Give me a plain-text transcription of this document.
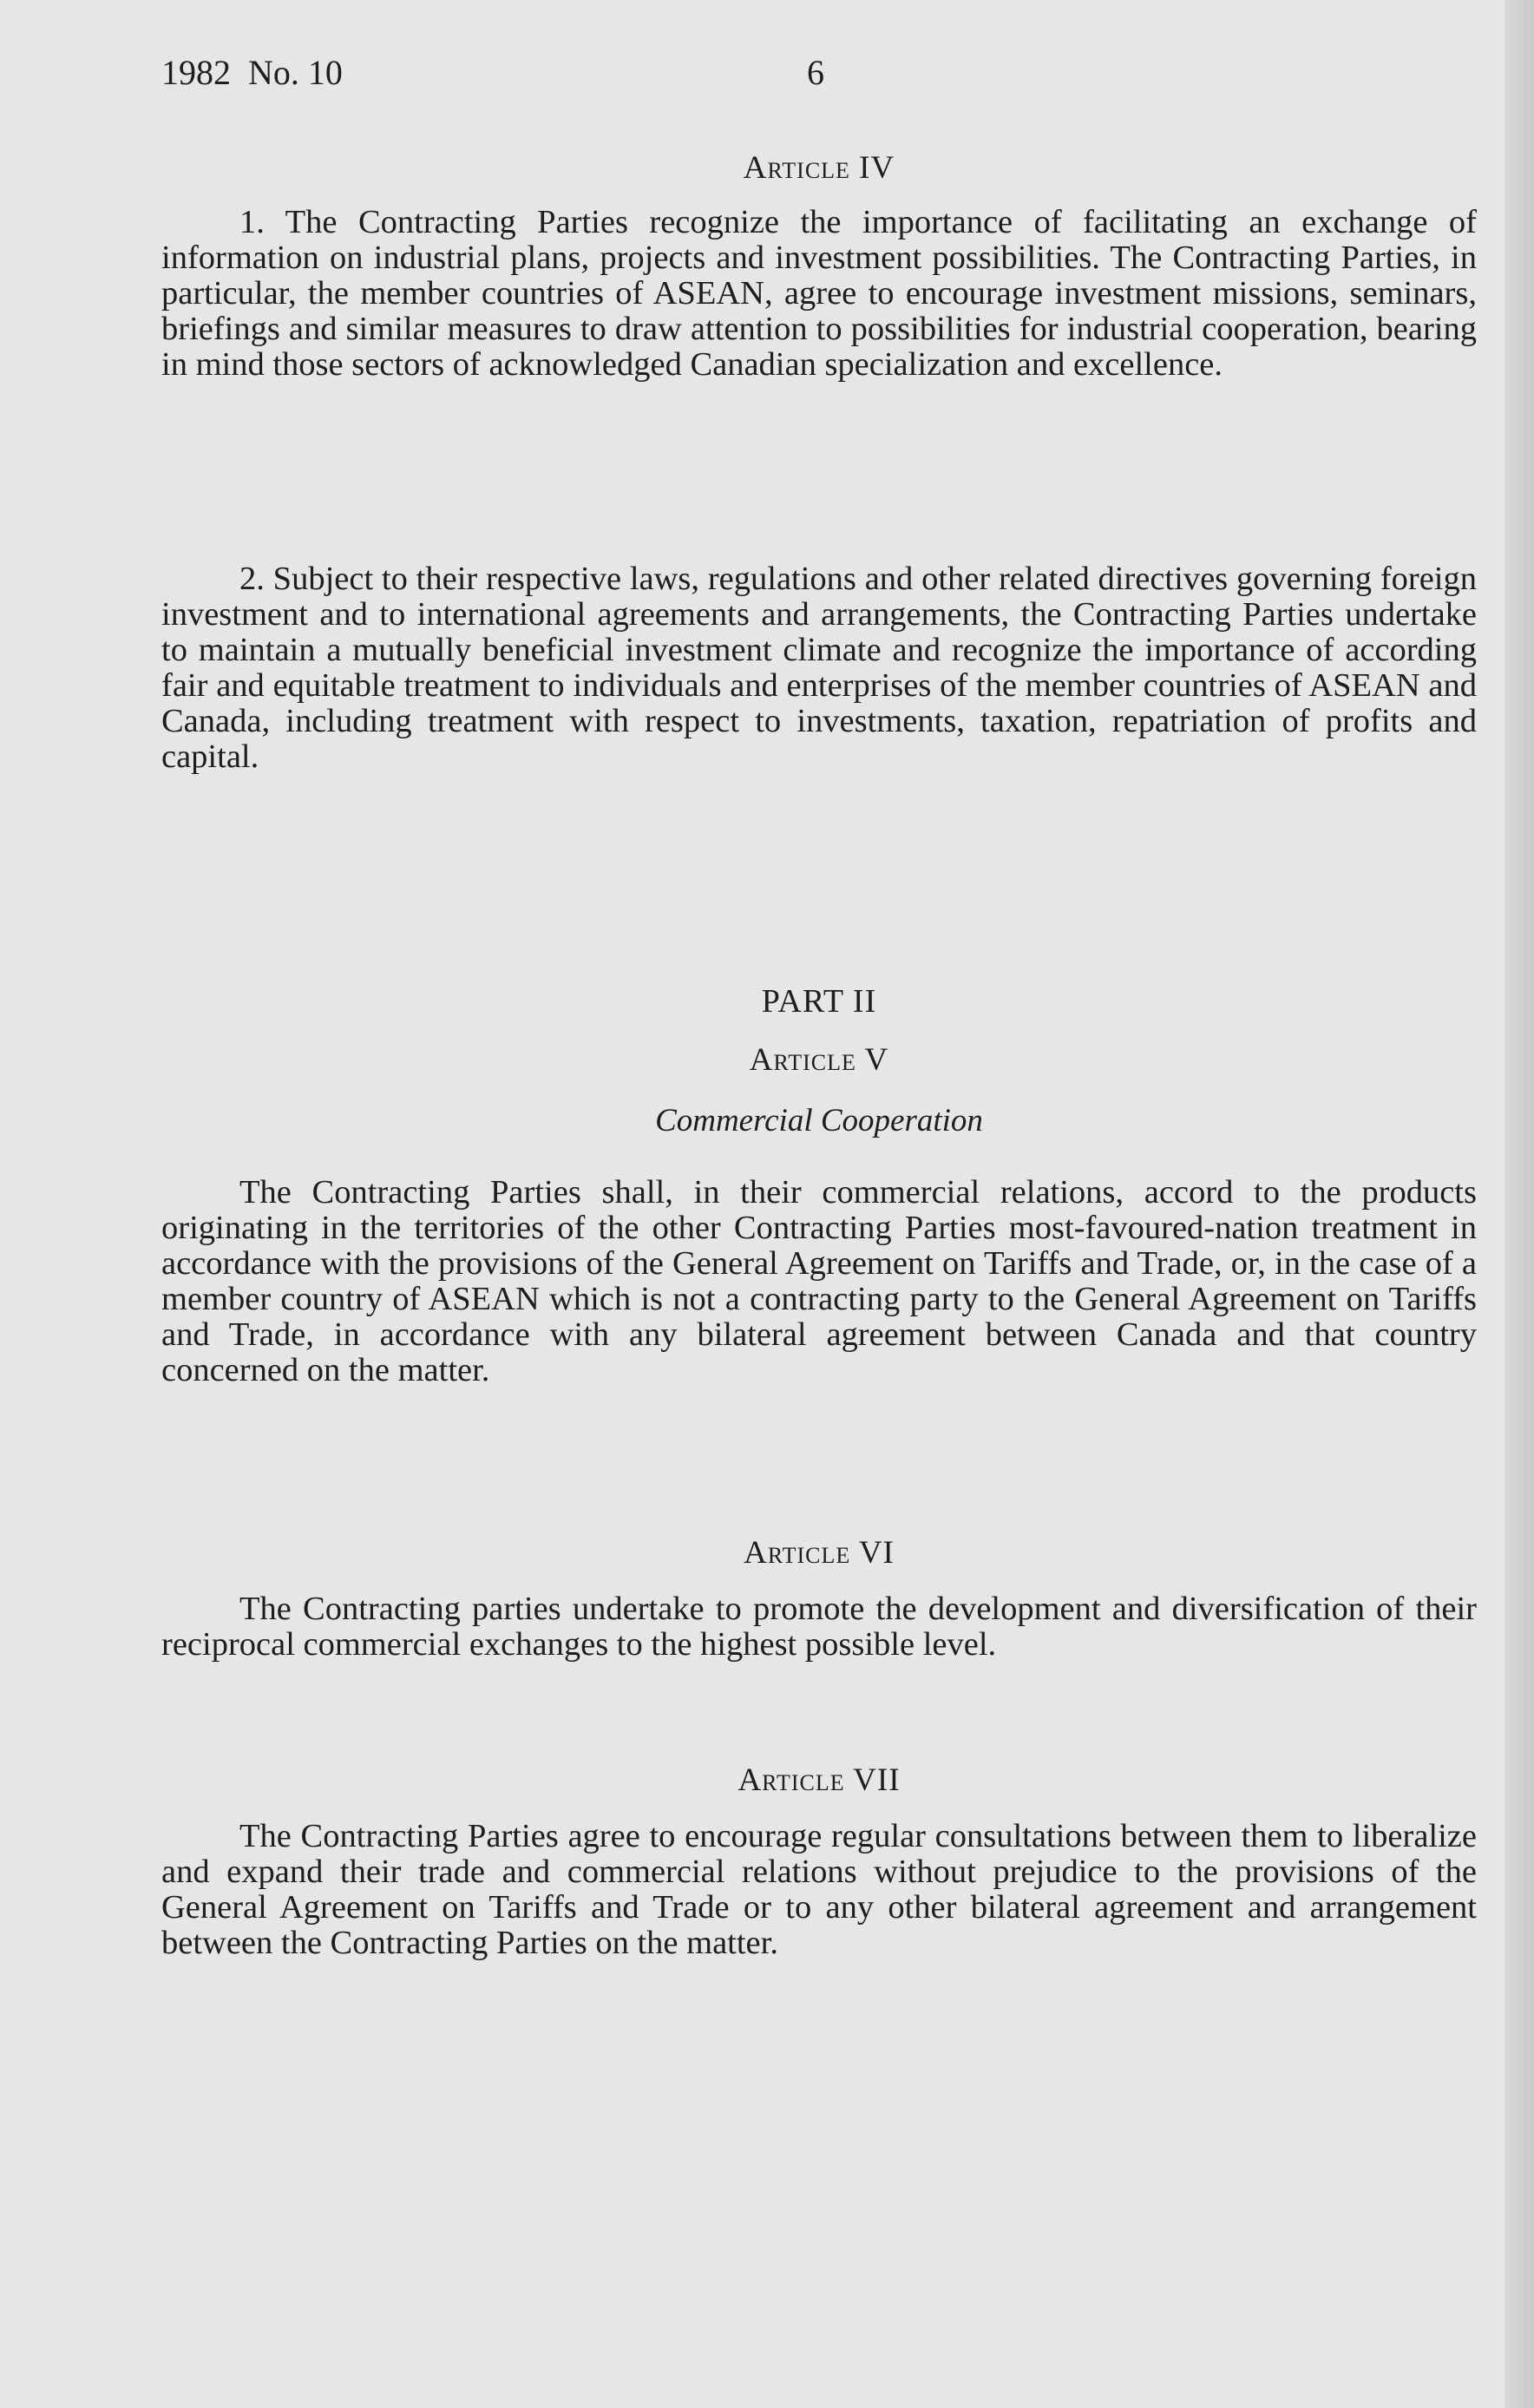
1982 No. 10	6
Article IV

1. The Contracting Parties recognize the importance of facilitating an exchange of information on industrial plans, projects and investment possibilities. The Contracting Parties, in particular, the member countries of ASEAN, agree to encourage investment missions, seminars, briefings and similar measures to draw attention to possibilities for industrial cooperation, bearing in mind those sectors of acknowledged Canadian specialization and excellence.

2. Subject to their respective laws, regulations and other related directives governing foreign investment and to international agreements and arrangements, the Contracting Parties undertake to maintain a mutually beneficial investment climate and recognize the importance of according fair and equitable treatment to individuals and enterprises of the member countries of ASEAN and Canada, including treatment with respect to investments, taxation, repatriation of profits and capital.

PART II
Article V
Commercial Cooperation

The Contracting Parties shall, in their commercial relations, accord to the products originating in the territories of the other Contracting Parties most-favoured-nation treatment in accordance with the provisions of the General Agreement on Tariffs and Trade, or, in the case of a member country of ASEAN which is not a contracting party to the General Agreement on Tariffs and Trade, in accordance with any bilateral agreement between Canada and that country concerned on the matter.

Article VI

The Contracting parties undertake to promote the development and diversification of their reciprocal commercial exchanges to the highest possible level.

Article VII

The Contracting Parties agree to encourage regular consultations between them to liberalize and expand their trade and commercial relations without prejudice to the provisions of the General Agreement on Tariffs and Trade or to any other bilateral agreement and arrangement between the Contracting Parties on the matter.
